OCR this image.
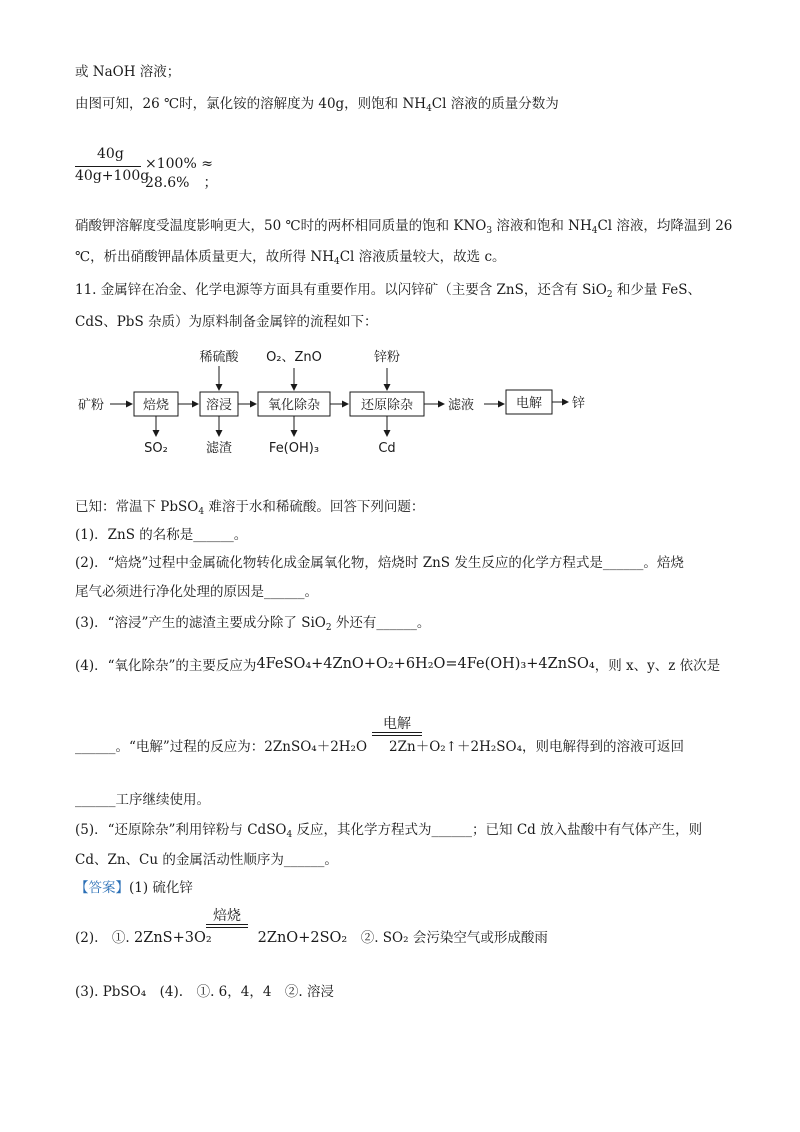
或 NaOH 溶液；
由图可知，26 ℃时，氯化铵的溶解度为 40g，则饱和 $NH_4Cl$ 溶液的质量分数为
40g
40g+100g
×100% ≈ 28.6%　 ；
硝酸钾溶解度受温度影响更大，50 ℃时的两杯相同质量的饱和 $KNO_3$ 溶液和饱和 $NH_4Cl$ 溶液，均降温到 26
℃，析出硝酸钾晶体质量更大，故所得 $NH_4Cl$ 溶液质量较大，故选 c。
11. 金属锌在冶金、化学电源等方面具有重要作用。以闪锌矿（主要含 ZnS，还含有 SiO$_2$ 和少量 FeS、
CdS、PbS 杂质）为原料制备金属锌的流程如下：
矿粉	焙烧	溶浸	氧化除杂	还原除杂	滤液	电解 锌
稀硫酸 O₂、ZnO	锌粉
SO₂	滤渣	Fe(OH)₃	Cd
已知：常温下 PbSO$_4$ 难溶于水和稀硫酸。回答下列问题：
(1)．ZnS 的名称是______。
(2)．“焙烧”过程中金属硫化物转化成金属氧化物，焙烧时 ZnS 发生反应的化学方程式是______。焙烧
尾气必须进行净化处理的原因是______。
(3)．“溶浸”产生的滤渣主要成分除了 SiO$_2$ 外还有______。
(4)．“氧化除杂”的主要反应为4FeSO₄+4ZnO+O₂+6H₂O=4Fe(OH)₃+4ZnSO₄，则 x、y、z 依次是
电解
______。“电解”过程的反应为：2ZnSO₄＋2H₂O 2Zn＋O₂↑＋2H₂SO₄，则电解得到的溶液可返回
______工序继续使用。
(5)．“还原除杂”利用锌粉与 CdSO$_4$ 反应，其化学方程式为______；已知 Cd 放入盐酸中有气体产生，则
Cd、Zn、Cu 的金属活动性顺序为______。
【答案】(1) 硫化锌
焙烧
(2).　①. 2ZnS+3O₂	2ZnO+2SO₂　 ②. SO₂ 会污染空气或形成酸雨
(3). PbSO₄　(4).　①. 6，4，4　②. 溶浸
